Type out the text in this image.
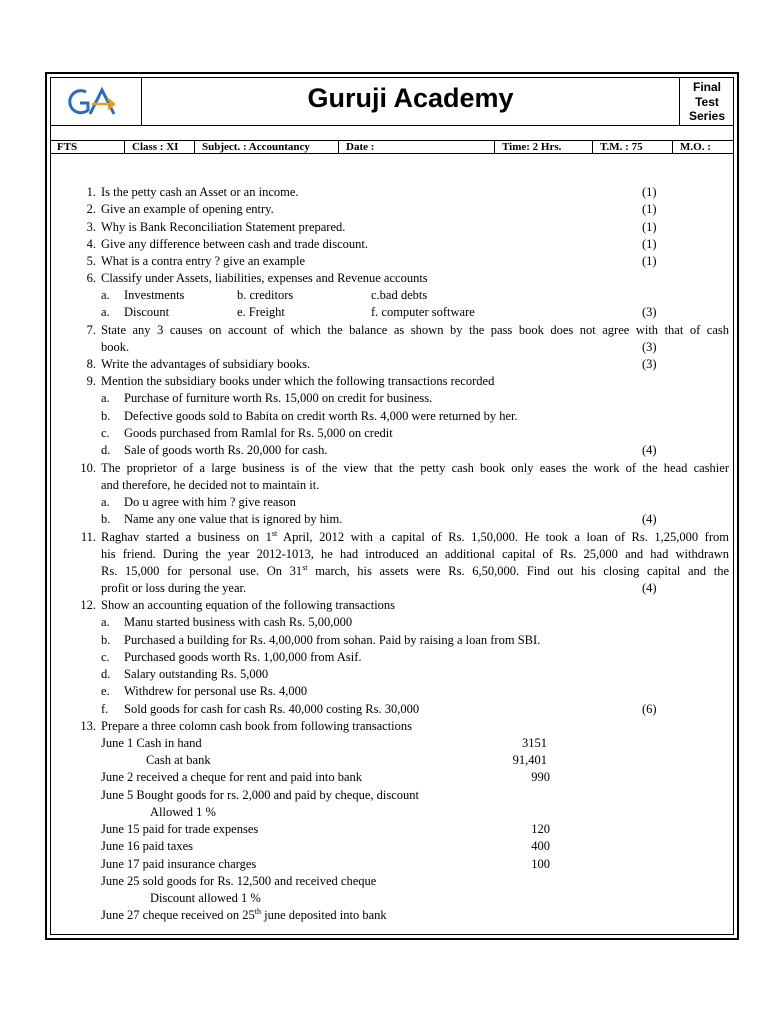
Guruji Academy	Final
Test
Series
FTS	Class : XI	Subject. : Accountancy	Date :	Time: 2 Hrs.	T.M. : 75	M.O. :
1. Is the petty cash an Asset or an income.	(1)
2. Give an example of opening entry.	(1)
3. Why is Bank Reconciliation Statement prepared.	(1)
4. Give any difference between cash and trade discount.	(1)
5. What is a contra entry ? give an example	(1)
6. Classify under Assets, liabilities, expenses and Revenue accounts
a. Investments	b. creditors	c.bad debts
a. Discount	e. Freight	f. computer software	(3)
7. State any 3 causes on account of which the balance as shown by the pass book does not agree with that of cash
book.	(3)
8. Write the advantages of subsidiary books.	(3)
9. Mention the subsidiary books under which the following transactions recorded
a. Purchase of furniture worth Rs. 15,000 on credit for business.
b. Defective goods sold to Babita on credit worth Rs. 4,000 were returned by her.
c. Goods purchased from Ramlal for Rs. 5,000 on credit
d. Sale of goods worth Rs. 20,000 for cash.	(4)
10. The proprietor of a large business is of the view that the petty cash book only eases the work of the head cashier
and therefore, he decided not to maintain it.
a. Do u agree with him ? give reason
b. Name any one value that is ignored by him.	(4)
11. Raghav started a business on 1st April, 2012 with a capital of Rs. 1,50,000. He took a loan of Rs. 1,25,000 from
his friend. During the year 2012-1013, he had introduced an additional capital of Rs. 25,000 and had withdrawn
Rs. 15,000 for personal use. On 31st march, his assets were Rs. 6,50,000. Find out his closing capital and the
profit or loss during the year.	(4)
12. Show an accounting equation of the following transactions
a. Manu started business with cash Rs. 5,00,000
b. Purchased a building for Rs. 4,00,000 from sohan. Paid by raising a loan from SBI.
c. Purchased goods worth Rs. 1,00,000 from Asif.
d. Salary outstanding Rs. 5,000
e. Withdrew for personal use Rs. 4,000
f. Sold goods for cash for cash Rs. 40,000 costing Rs. 30,000	(6)
13. Prepare a three colomn cash book from following transactions
June 1 Cash in hand	3151
Cash at bank	91,401
June 2 received a cheque for rent and paid into bank	990
June 5 Bought goods for rs. 2,000 and paid by cheque, discount
Allowed 1 %
June 15 paid for trade expenses	120
June 16 paid taxes	400
June 17 paid insurance charges	100
June 25 sold goods for Rs. 12,500 and received cheque
Discount allowed 1 %
June 27 cheque received on 25th june deposited into bank
